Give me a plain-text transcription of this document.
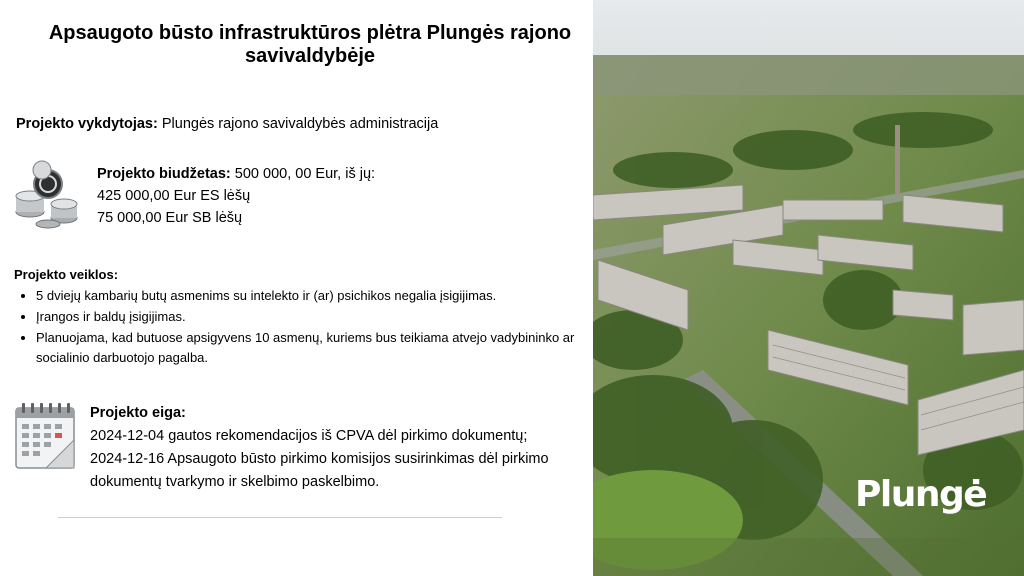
Apsaugoto būsto infrastruktūros plėtra Plungės rajono savivaldybėje
Projekto vykdytojas: Plungės rajono savivaldybės administracija
Projekto biudžetas: 500 000, 00 Eur, iš jų:
425 000,00 Eur ES lėšų
75 000,00 Eur SB lėšų
Projekto veiklos:
• 5 dviejų kambarių butų asmenims su intelekto ir (ar) psichikos negalia įsigijimas.
• Įrangos ir baldų įsigijimas.
• Planuojama, kad butuose apsigyvens 10 asmenų, kuriems bus teikiama atvejo vadybininko ar socialinio darbuotojo pagalba.
Projekto eiga:
2024-12-04 gautos rekomendacijos iš CPVA dėl pirkimo dokumentų;
2024-12-16 Apsaugoto būsto pirkimo komisijos susirinkimas dėl pirkimo dokumentų tvarkymo ir skelbimo paskelbimo.	Plungė
